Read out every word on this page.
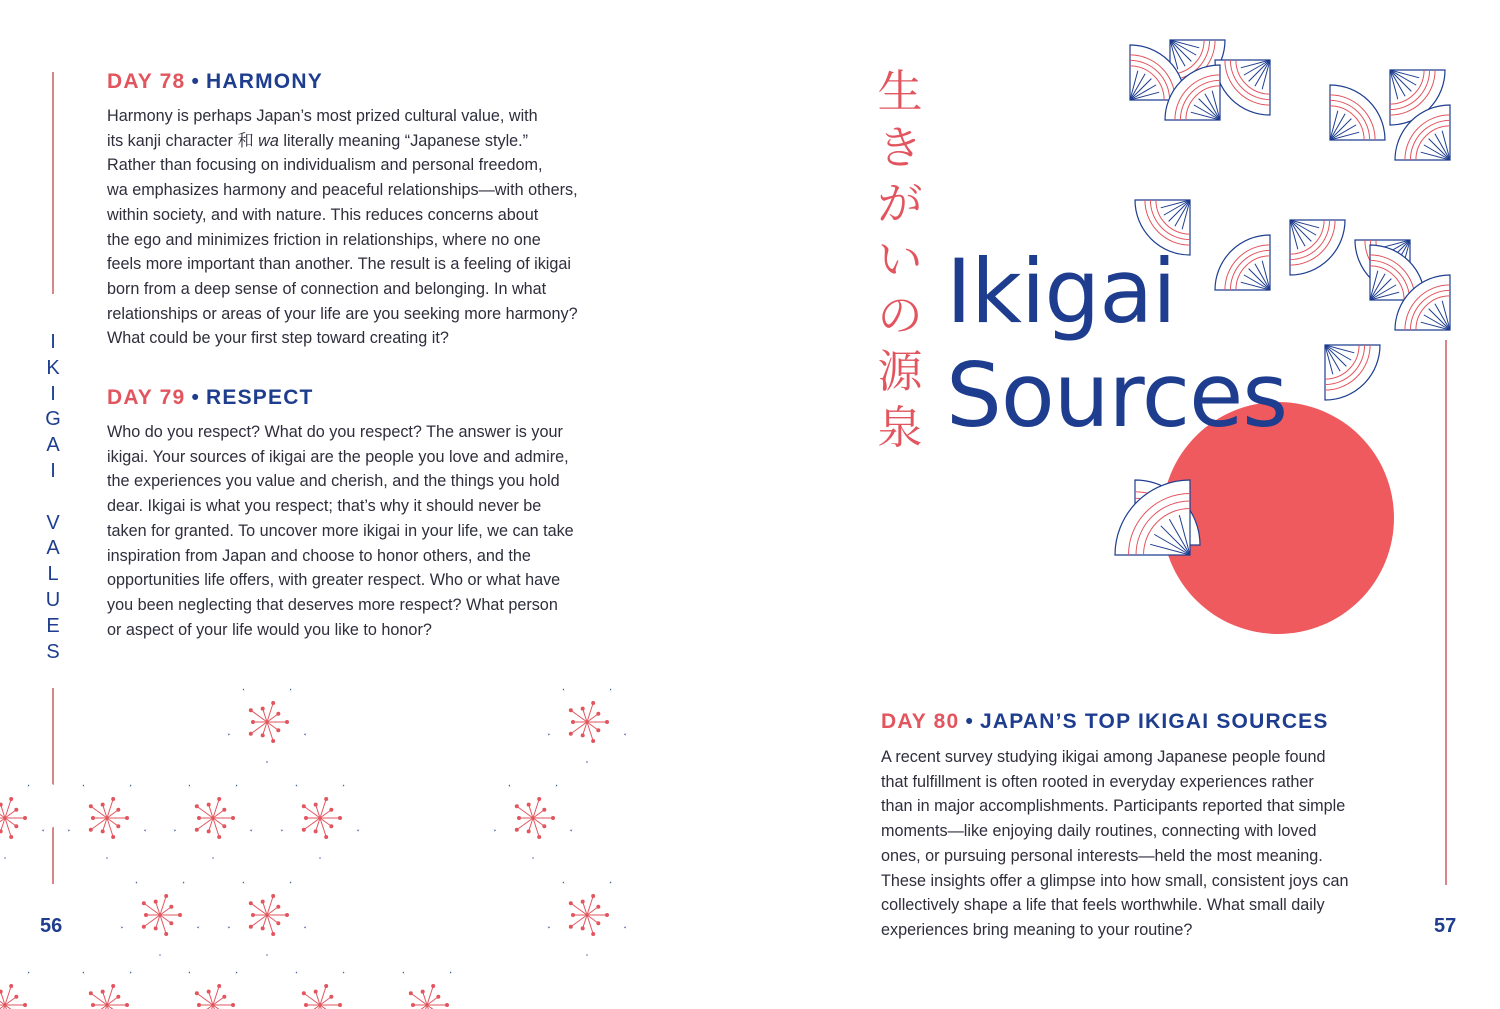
I
K
I
G
A
I

V
A
L
U
E
S
DAY 78 • HARMONY

Harmony is perhaps Japan’s most prized cultural value, with

its kanji character 和 wa literally meaning “Japanese style.”

Rather than focusing on individualism and personal freedom,

wa emphasizes harmony and peaceful relationships—with others,

within society, and with nature. This reduces concerns about

the ego and minimizes friction in relationships, where no one

feels more important than another. The result is a feeling of ikigai

born from a deep sense of connection and belonging. In what

relationships or areas of your life are you seeking more harmony?

What could be your first step toward creating it?

DAY 79 • RESPECT

Who do you respect? What do you respect? The answer is your

ikigai. Your sources of ikigai are the people you love and admire,

the experiences you value and cherish, and the things you hold

dear. Ikigai is what you respect; that’s why it should never be

taken for granted. To uncover more ikigai in your life, we can take

inspiration from Japan and choose to honor others, and the

opportunities life offers, with greater respect. Who or what have

you been neglecting that deserves more respect? What person

or aspect of your life would you like to honor?

56
生
き
が
い
の
源
泉
Ikigai
Sources
DAY 80 • JAPAN’S TOP IKIGAI SOURCES

A recent survey studying ikigai among Japanese people found

that fulfillment is often rooted in everyday experiences rather

than in major accomplishments. Participants reported that simple

moments—like enjoying daily routines, connecting with loved

ones, or pursuing personal interests—held the most meaning.

These insights offer a glimpse into how small, consistent joys can

collectively shape a life that feels worthwhile. What small daily

experiences bring meaning to your routine?	57
